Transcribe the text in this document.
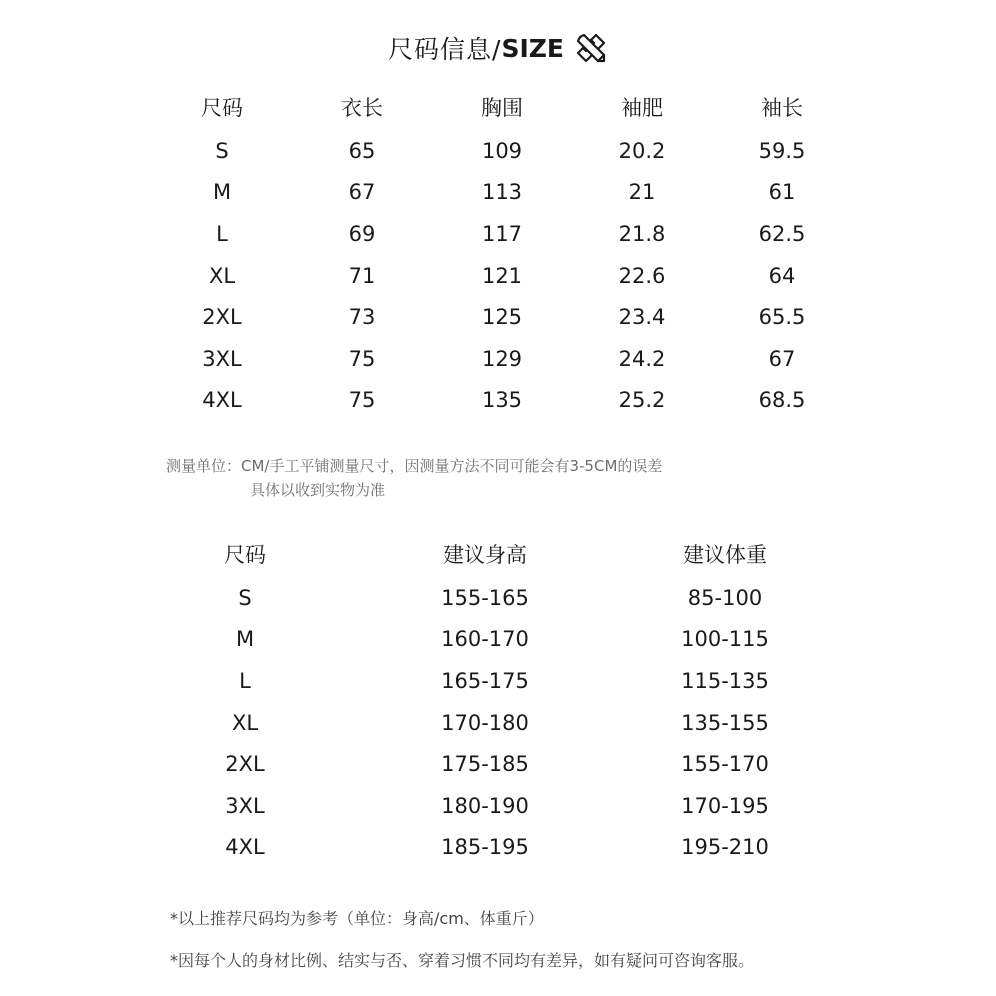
尺码信息/ SIZE
尺码	衣长	胸围	袖肥	袖长
S	65	109	20.2	59.5
M	67	113	21	61
L	69	117	21.8	62.5
XL	71	121	22.6	64
2XL	73	125	23.4	65.5
3XL	75	129	24.2	67
4XL	75	135	25.2	68.5
测量单位：CM/手工平铺测量尺寸，因测量方法不同可能会有3-5CM的误差
具体以收到实物为准
尺码	建议身高	建议体重
S	155-165	85-100
M	160-170	100-115
L	165-175	115-135
XL	170-180	135-155
2XL	175-185	155-170
3XL	180-190	170-195
4XL	185-195	195-210
*以上推荐尺码均为参考（单位：身高/cm、体重斤）
*因每个人的身材比例、结实与否、穿着习惯不同均有差异，如有疑问可咨询客服。
